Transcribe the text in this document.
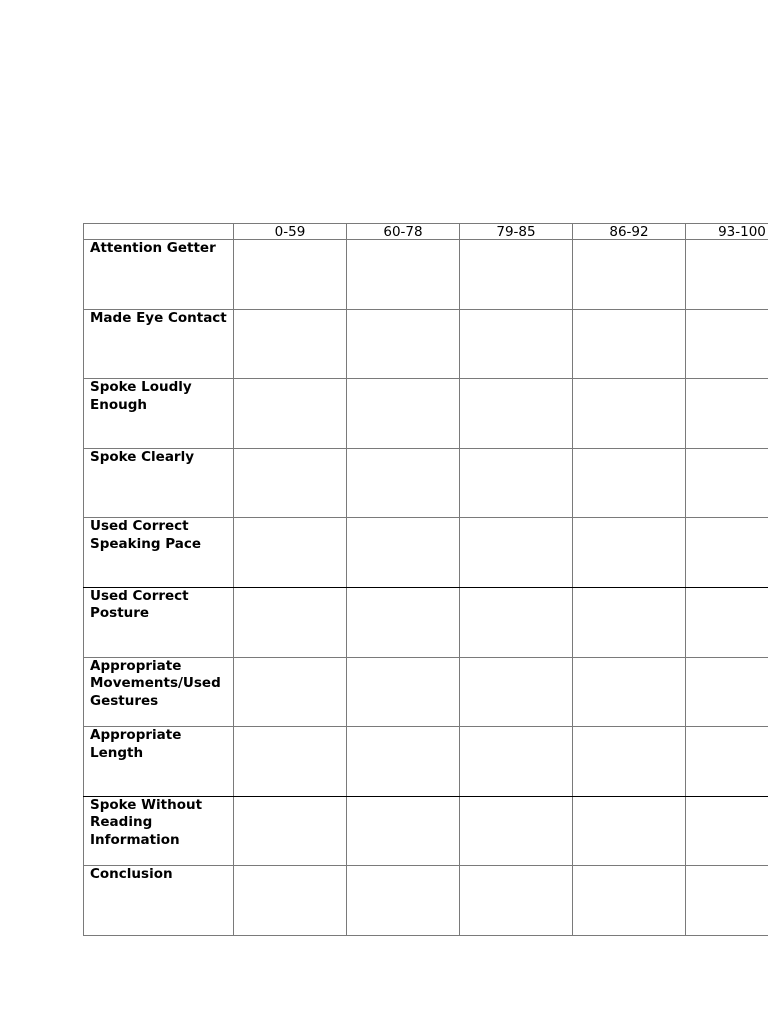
	0-59	60-78	79-85	86-92	93-100
Attention Getter					
Made Eye Contact					
Spoke Loudly Enough					
Spoke Clearly					
Used Correct Speaking Pace					
Used Correct Posture					
Appropriate Movements/Used Gestures					
Appropriate Length					
Spoke Without Reading Information					
Conclusion					
